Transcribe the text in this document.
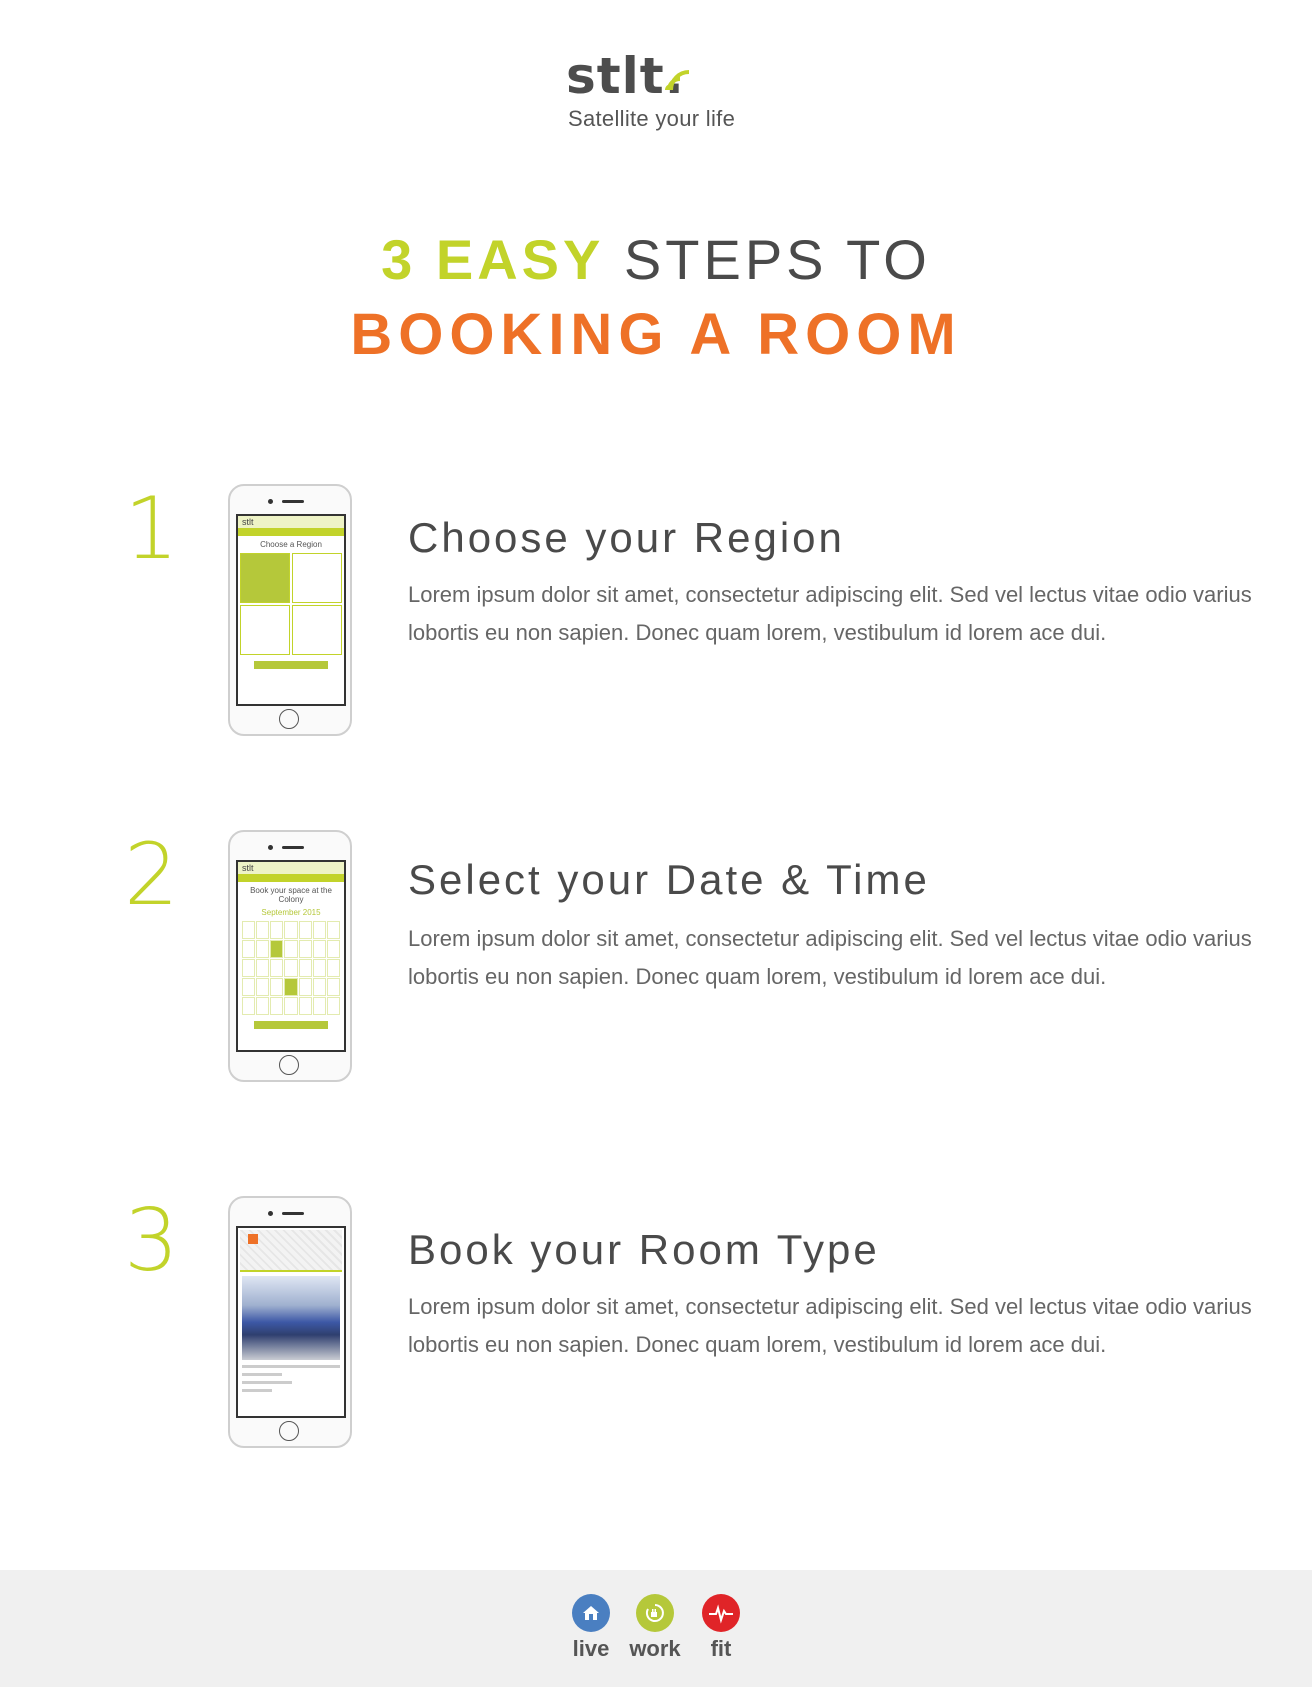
stlt.
Satellite your life
3 EASY STEPS TO
BOOKING A ROOM
1	stlt
Choose a Region	Choose your Region
Lorem ipsum dolor sit amet, consectetur adipiscing elit. Sed vel lectus vitae odio varius lobortis eu non sapien. Donec quam lorem, vestibulum id lorem ace dui.
2	stlt
Book your space at the Colony
September 2015
Select your Date & Time
Lorem ipsum dolor sit amet, consectetur adipiscing elit. Sed vel lectus vitae odio varius lobortis eu non sapien. Donec quam lorem, vestibulum id lorem ace dui.
3	Book your Room Type
Lorem ipsum dolor sit amet, consectetur adipiscing elit. Sed vel lectus vitae odio varius lobortis eu non sapien. Donec quam lorem, vestibulum id lorem ace dui.
live work	fit
